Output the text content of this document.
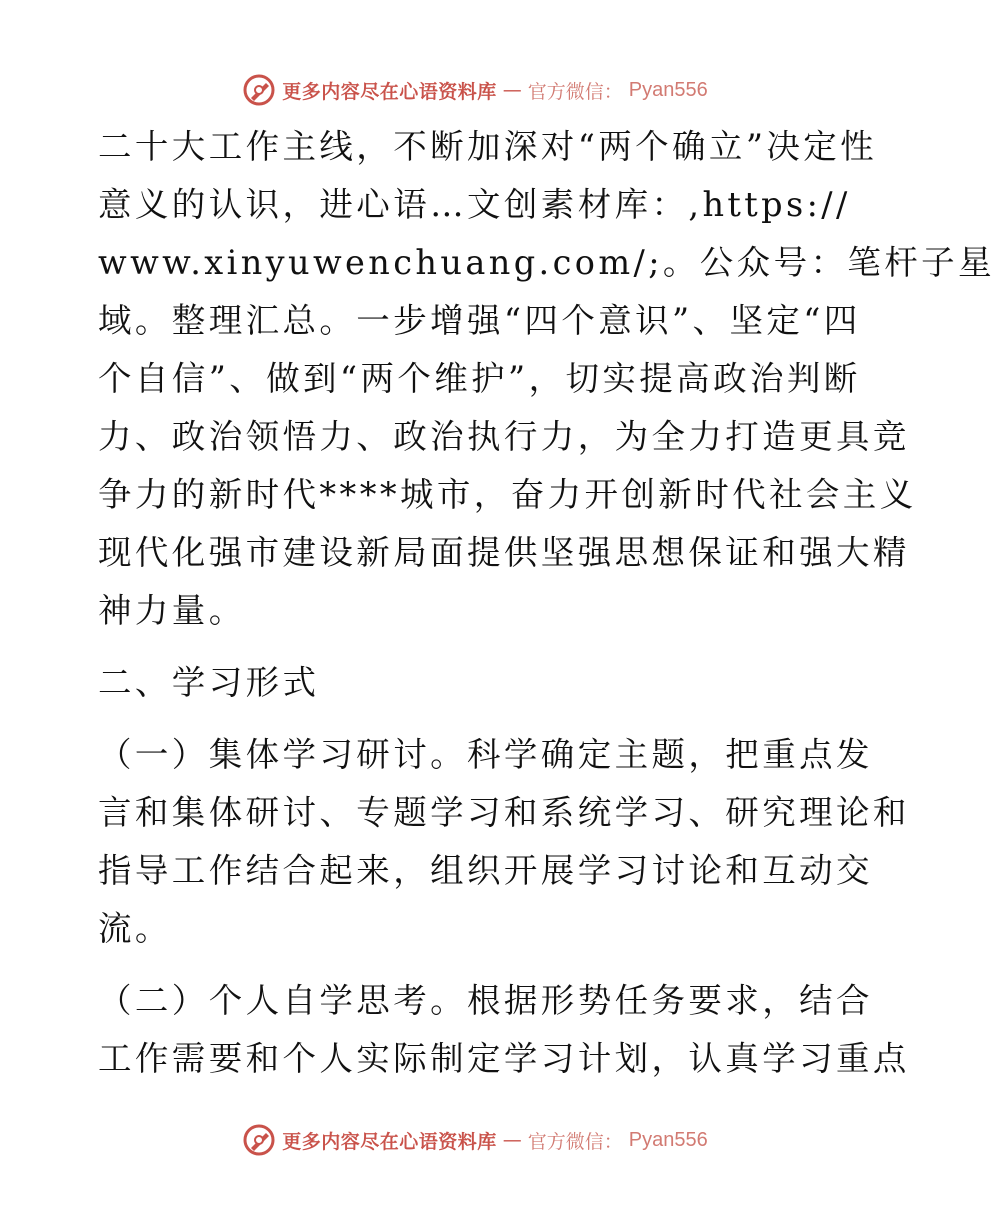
更多内容尽在心语资料库 — 官方微信： Pyan556
二十大工作主线，不断加深对“两个确立”决定性
意义的认识，进心语…文创素材库：,https://
www.xinyuwenchuang.com/;。公众号：笔杆子星
域。整理汇总。一步增强“四个意识”、坚定“四
个自信”、做到“两个维护”，切实提高政治判断
力、政治领悟力、政治执行力，为全力打造更具竞
争力的新时代****城市，奋力开创新时代社会主义
现代化强市建设新局面提供坚强思想保证和强大精
神力量。
二、学习形式
（一）集体学习研讨。科学确定主题，把重点发
言和集体研讨、专题学习和系统学习、研究理论和
指导工作结合起来，组织开展学习讨论和互动交
流。
（二）个人自学思考。根据形势任务要求，结合
工作需要和个人实际制定学习计划，认真学习重点
更多内容尽在心语资料库 — 官方微信： Pyan556
